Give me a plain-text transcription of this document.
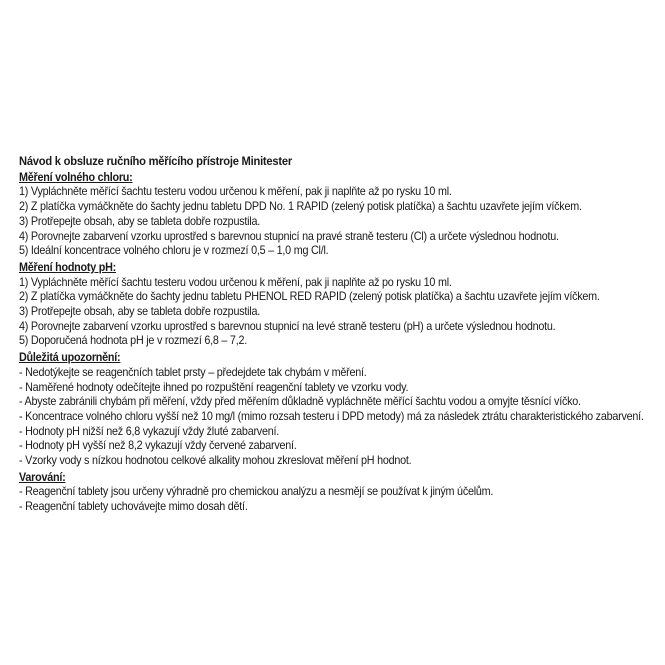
Návod k obsluze ručního měřícího přístroje Minitester
Měření volného chloru:
1) Vypláchněte měřící šachtu testeru vodou určenou k měření, pak ji naplňte až po rysku 10 ml.
2) Z platíčka vymáčkněte do šachty jednu tabletu DPD No. 1 RAPID (zelený potisk platíčka) a šachtu uzavřete jejím víčkem.
3) Protřepejte obsah, aby se tableta dobře rozpustila.
4) Porovnejte zabarvení vzorku uprostřed s barevnou stupnicí na pravé straně testeru (Cl) a určete výslednou hodnotu.
5) Ideální koncentrace volného chloru je v rozmezí 0,5 – 1,0 mg Cl/l.
Měření hodnoty pH:
1) Vypláchněte měřící šachtu testeru vodou určenou k měření, pak ji naplňte až po rysku 10 ml.
2) Z platíčka vymáčkněte do šachty jednu tabletu PHENOL RED RAPID (zelený potisk platíčka) a šachtu uzavřete jejím víčkem.
3) Protřepejte obsah, aby se tableta dobře rozpustila.
4) Porovnejte zabarvení vzorku uprostřed s barevnou stupnicí na levé straně testeru (pH) a určete výslednou hodnotu.
5) Doporučená hodnota pH je v rozmezí 6,8 – 7,2.
Důležitá upozornění:
- Nedotýkejte se reagenčních tablet prsty – předejdete tak chybám v měření.
- Naměřené hodnoty odečítejte ihned po rozpuštění reagenční tablety ve vzorku vody.
- Abyste zabránili chybám při měření, vždy před měřením důkladně vypláchněte měřící šachtu vodou a omyjte těsnící víčko.
- Koncentrace volného chloru vyšší než 10 mg/l (mimo rozsah testeru i DPD metody) má za následek ztrátu charakteristického zabarvení.
- Hodnoty pH nižší než 6,8 vykazují vždy žluté zabarvení.
- Hodnoty pH vyšší než 8,2 vykazují vždy červené zabarvení.
- Vzorky vody s nízkou hodnotou celkové alkality mohou zkreslovat měření pH hodnot.
Varování:
- Reagenční tablety jsou určeny výhradně pro chemickou analýzu a nesmějí se používat k jiným účelům.
- Reagenční tablety uchovávejte mimo dosah dětí.
